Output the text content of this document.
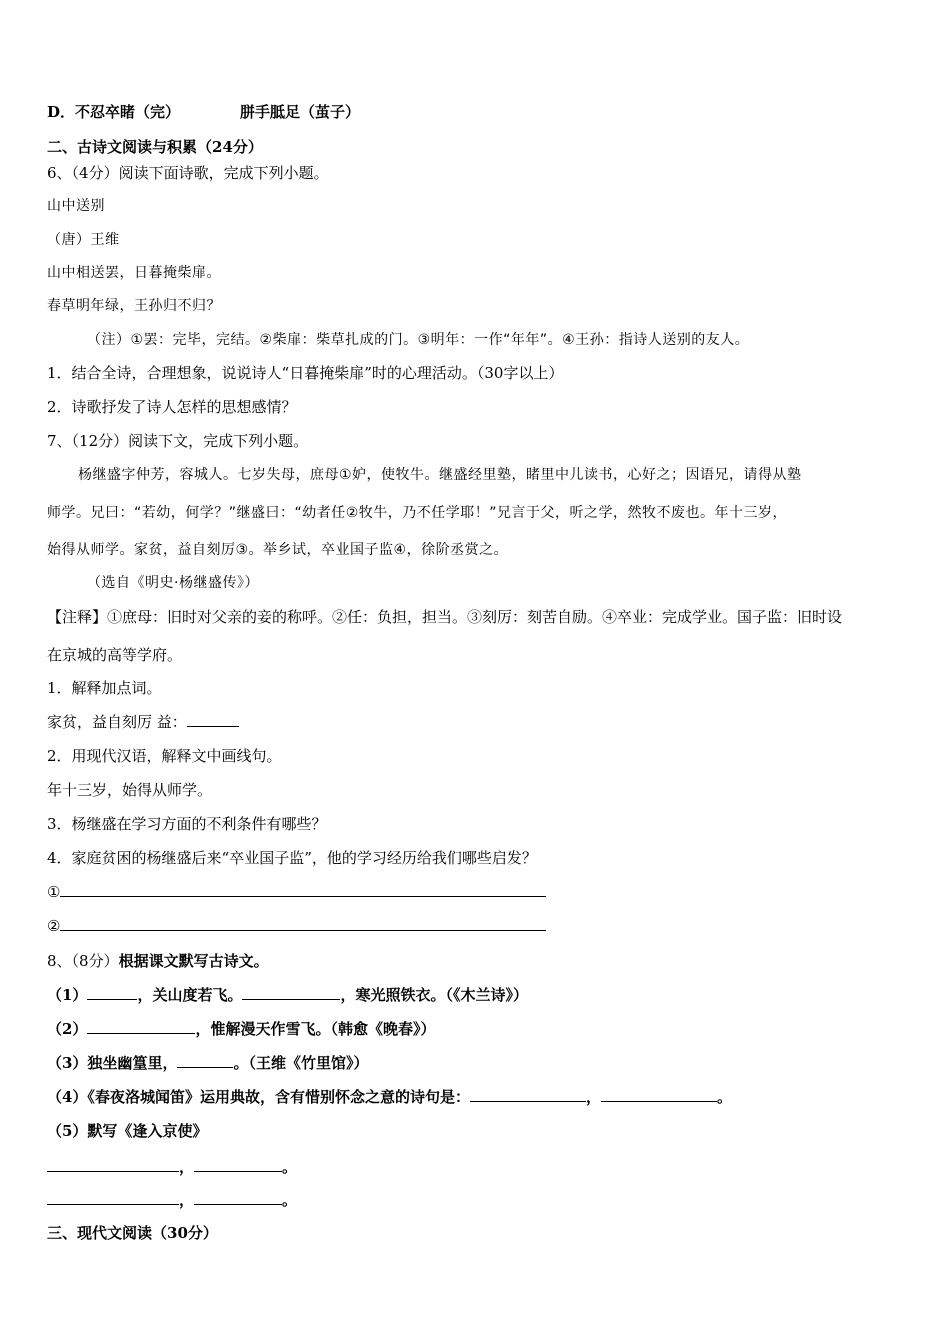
D．不忍卒睹（完）	胼手胝足（茧子）
二、古诗文阅读与积累（24分）
6、（4分）阅读下面诗歌，完成下列小题。
山中送别
（唐）王维
山中相送罢，日暮掩柴扉。
春草明年绿，王孙归不归？
（注）①罢：完毕，完结。②柴扉：柴草扎成的门。③明年：一作“年年”。④王孙：指诗人送别的友人。
1．结合全诗，合理想象，说说诗人“日暮掩柴扉”时的心理活动。（30字以上）
2．诗歌抒发了诗人怎样的思想感情？
7、（12分）阅读下文，完成下列小题。
杨继盛字仲芳，容城人。七岁失母，庶母①妒，使牧牛。继盛经里塾，睹里中儿读书，心好之；因语兄，请得从塾
师学。兄曰：“若幼，何学？”继盛曰：“幼者任②牧牛，乃不任学耶！”兄言于父，听之学，然牧不废也。年十三岁，
始得从师学。家贫，益自刻厉③。举乡试，卒业国子监④，徐阶丞赏之。
（选自《明史·杨继盛传》）
【注释】①庶母：旧时对父亲的妾的称呼。②任：负担，担当。③刻厉：刻苦自励。④卒业：完成学业。国子监：旧时设
在京城的高等学府。
1．解释加点词。
家贫，益自刻厉 益：
2．用现代汉语，解释文中画线句。
年十三岁，始得从师学。
3．杨继盛在学习方面的不利条件有哪些？
4．家庭贫困的杨继盛后来“卒业国子监”，他的学习经历给我们哪些启发？
①
②
8、（8分）根据课文默写古诗文。
（1）	，关山度若飞。	，寒光照铁衣。（《木兰诗》）
（2）	，惟解漫天作雪飞。（韩愈《晚春》）
（3）独坐幽篁里，	。（王维《竹里馆》）
（4）《春夜洛城闻笛》运用典故，含有惜别怀念之意的诗句是：	，	。
（5）默写《逢入京使》
，	。
，	。
三、现代文阅读（30分）
